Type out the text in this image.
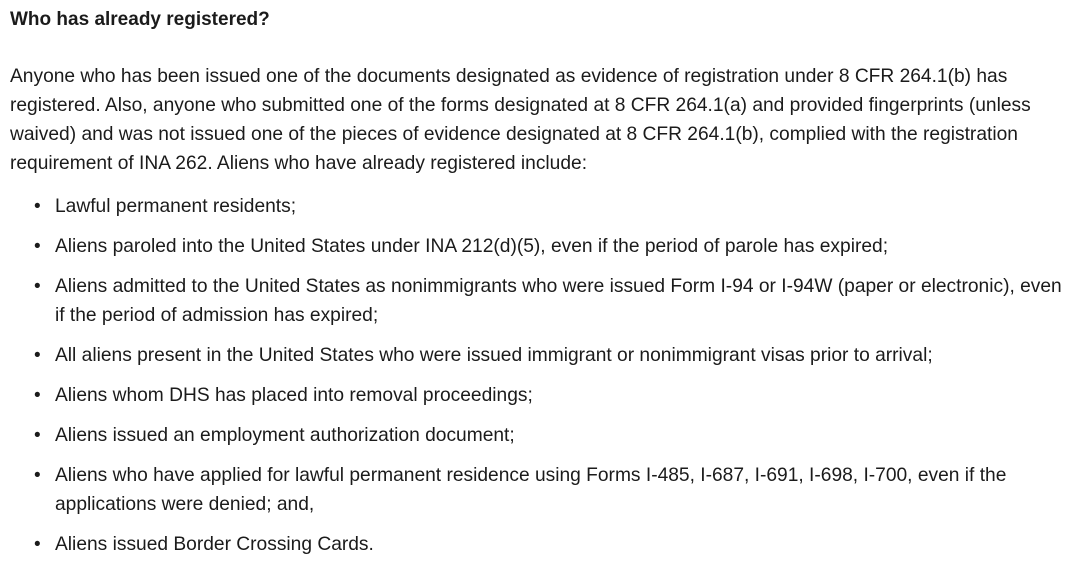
Who has already registered?

Anyone who has been issued one of the documents designated as evidence of registration under 8 CFR 264.1(b) has registered. Also, anyone who submitted one of the forms designated at 8 CFR 264.1(a) and provided fingerprints (unless waived) and was not issued one of the pieces of evidence designated at 8 CFR 264.1(b), complied with the registration requirement of INA 262. Aliens who have already registered include:

• Lawful permanent residents;
• Aliens paroled into the United States under INA 212(d)(5), even if the period of parole has expired;
• Aliens admitted to the United States as nonimmigrants who were issued Form I-94 or I-94W (paper or electronic), even if the period of admission has expired;
• All aliens present in the United States who were issued immigrant or nonimmigrant visas prior to arrival;
• Aliens whom DHS has placed into removal proceedings;
• Aliens issued an employment authorization document;
• Aliens who have applied for lawful permanent residence using Forms I-485, I-687, I-691, I-698, I-700, even if the applications were denied; and,
• Aliens issued Border Crossing Cards.
